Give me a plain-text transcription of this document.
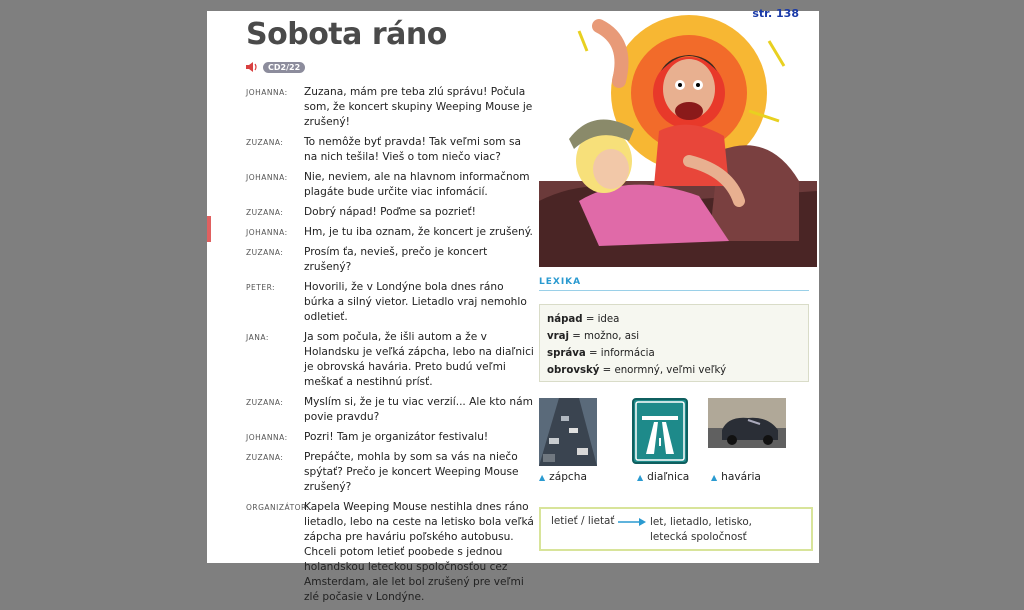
str. 138
Sobota ráno
CD2/22
JOHANNA:	Zuzana, mám pre teba zlú správu! Počula som, že koncert skupiny Weeping Mouse je zrušený!
ZUZANA:	To nemôže byť pravda! Tak veľmi som sa na nich tešila! Vieš o tom niečo viac?
JOHANNA:	Nie, neviem, ale na hlavnom informačnom plagáte bude určite viac infomácií.
ZUZANA:	Dobrý nápad! Poďme sa pozrieť!
JOHANNA:	Hm, je tu iba oznam, že koncert je zrušený.
ZUZANA:	Prosím ťa, nevieš, prečo je koncert zrušený?
PETER:	Hovorili, že v Londýne bola dnes ráno búrka a silný vietor. Lietadlo vraj nemohlo odletieť.
JANA:	Ja som počula, že išli autom a že v Holandsku je veľká zápcha, lebo na diaľnici je obrovská havária. Preto budú veľmi meškať a nestihnú prísť.
ZUZANA:	Myslím si, že je tu viac verzií... Ale kto nám povie pravdu?
JOHANNA:	Pozri! Tam je organizátor festivalu!
ZUZANA:	Prepáčte, mohla by som sa vás na niečo spýtať? Prečo je koncert Weeping Mouse zrušený?
ORGANIZÁTOR:
Kapela Weeping Mouse nestihla dnes ráno lietadlo, lebo na ceste na letisko bola veľká zápcha pre haváriu poľského autobusu. Chceli potom letieť poobede s jednou holandskou leteckou spoločnosťou cez Amsterdam, ale let bol zrušený pre veľmi zlé počasie v Londýne.
LEXIKA
nápad = idea
vraj = možno, asi
správa = informácia
obrovský = enormný, veľmi veľký
▲ zápcha	▲ diaľnica	▲ havária
letieť / lietať	let, lietadlo, letisko,
letecká spoločnosť
